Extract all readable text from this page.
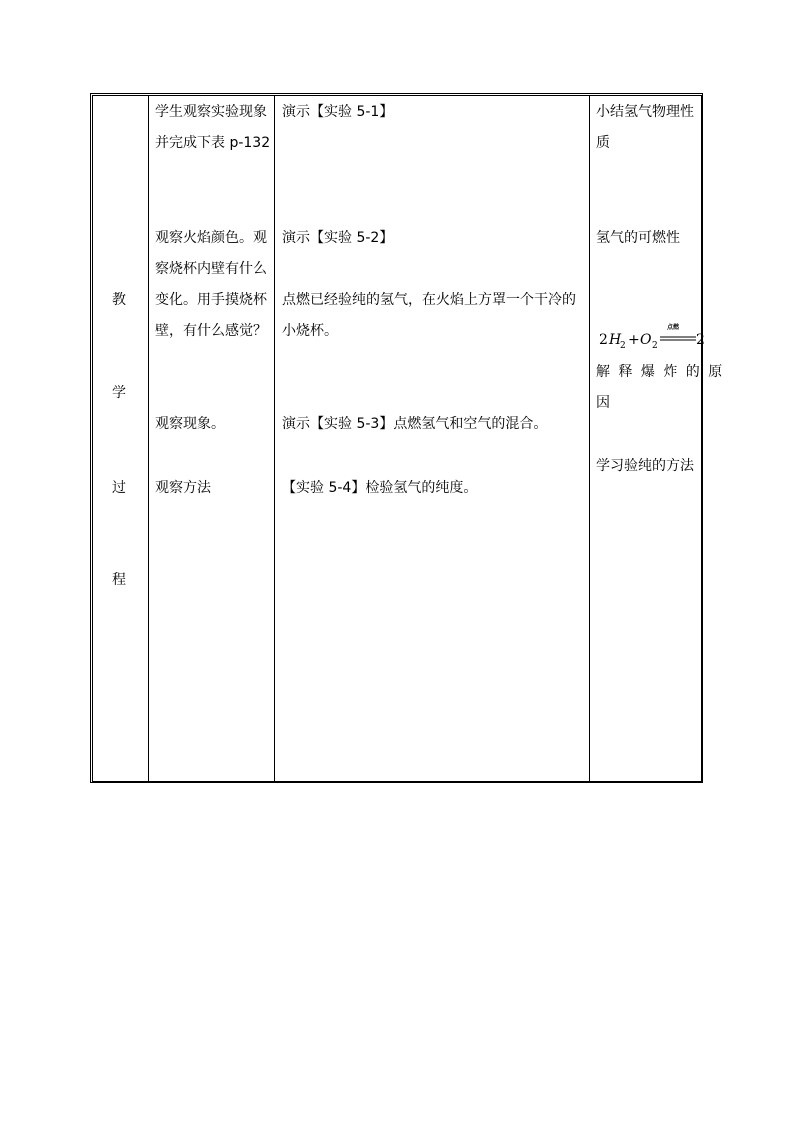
教
学
过
程
学生观察实验现象
并完成下表 p-132
观察火焰颜色。观
察烧杯内壁有什么
变化。用手摸烧杯
壁，有什么感觉？
观察现象。
观察方法
演示【实验 5-1】
演示【实验 5-2】
点燃已经验纯的氢气，在火焰上方罩一个干冷的
小烧杯。
演示【实验 5-3】点燃氢气和空气的混合。
【实验 5-4】检验氢气的纯度。
小结氢气物理性
质
氢气的可燃性
2 H
2 + O 2
点燃
2
解 释 爆 炸 的 原
因
学习验纯的方法
